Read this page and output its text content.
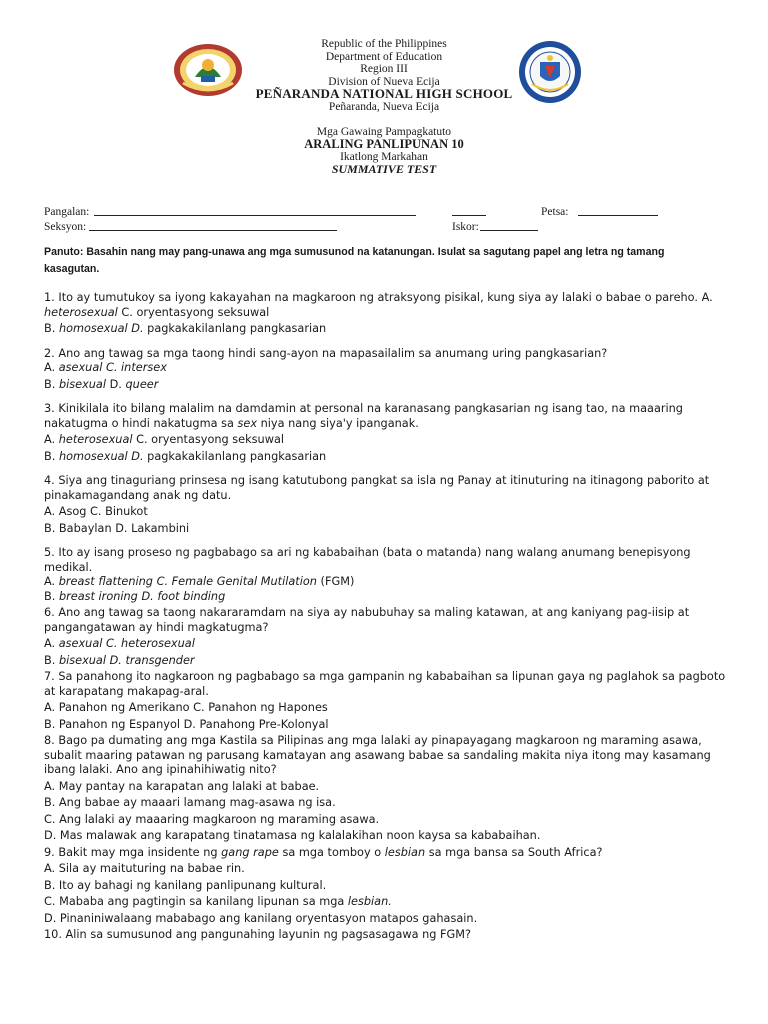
Republic of the Philippines
Department of Education
Region III
Division of Nueva Ecija
PEÑARANDA NATIONAL HIGH SCHOOL
Peñaranda, Nueva Ecija
Mga Gawaing Pampagkatuto
ARALING PANLIPUNAN 10
Ikatlong Markahan
SUMMATIVE TEST
Pangalan:	Petsa:
Seksyon:	Iskor:
Panuto: Basahin nang may pang-unawa ang mga sumusunod na katanungan. Isulat sa sagutang papel ang letra ng tamang kasagutan.

1. Ito ay tumutukoy sa iyong kakayahan na magkaroon ng atraksyong pisikal, kung siya ay lalaki o babae o pareho. A. heterosexual C. oryentasyong seksuwal

B. homosexual D. pagkakakilanlang pangkasarian

2. Ano ang tawag sa mga taong hindi sang-ayon na mapasailalim sa anumang uring pangkasarian?

A. asexual C. intersex

B. bisexual D. queer

3. Kinikilala ito bilang malalim na damdamin at personal na karanasang pangkasarian ng isang tao, na maaaring nakatugma o hindi nakatugma sa sex niya nang siya'y ipanganak.

A. heterosexual C. oryentasyong seksuwal

B. homosexual D. pagkakakilanlang pangkasarian

4. Siya ang tinaguriang prinsesa ng isang katutubong pangkat sa isla ng Panay at itinuturing na itinagong paborito at pinakamagandang anak ng datu.

A. Asog C. Binukot

B. Babaylan D. Lakambini

5. Ito ay isang proseso ng pagbabago sa ari ng kababaihan (bata o matanda) nang walang anumang benepisyong medikal.

A. breast flattening C. Female Genital Mutilation (FGM)

B. breast ironing D. foot binding

6. Ano ang tawag sa taong nakararamdam na siya ay nabubuhay sa maling katawan, at ang kaniyang pag-iisip at pangangatawan ay hindi magkatugma?

A. asexual C. heterosexual

B. bisexual D. transgender

7. Sa panahong ito nagkaroon ng pagbabago sa mga gampanin ng kababaihan sa lipunan gaya ng paglahok sa pagboto at karapatang makapag-aral.

A. Panahon ng Amerikano C. Panahon ng Hapones

B. Panahon ng Espanyol D. Panahong Pre-Kolonyal

8. Bago pa dumating ang mga Kastila sa Pilipinas ang mga lalaki ay pinapayagang magkaroon ng maraming asawa, subalit maaring patawan ng parusang kamatayan ang asawang babae sa sandaling makita niya itong may kasamang ibang lalaki. Ano ang ipinahihiwatig nito?

A. May pantay na karapatan ang lalaki at babae.

B. Ang babae ay maaari lamang mag-asawa ng isa.

C. Ang lalaki ay maaaring magkaroon ng maraming asawa.

D. Mas malawak ang karapatang tinatamasa ng kalalakihan noon kaysa sa kababaihan.

9. Bakit may mga insidente ng gang rape sa mga tomboy o lesbian sa mga bansa sa South Africa?

A. Sila ay maituturing na babae rin.

B. Ito ay bahagi ng kanilang panlipunang kultural.

C. Mababa ang pagtingin sa kanilang lipunan sa mga lesbian.

D. Pinaniniwalaang mababago ang kanilang oryentasyon matapos gahasain.

10. Alin sa sumusunod ang pangunahing layunin ng pagsasagawa ng FGM?
